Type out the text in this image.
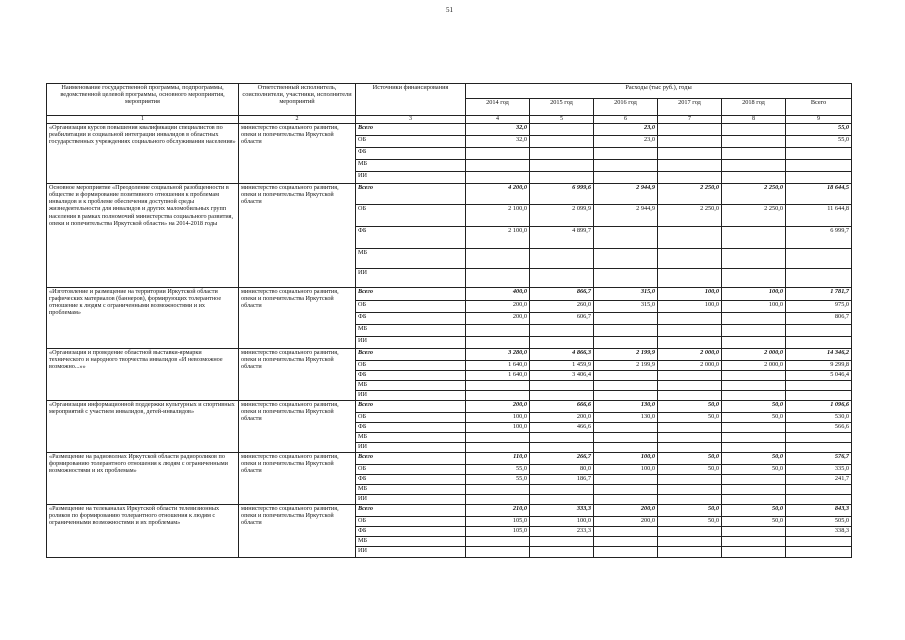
51
Наименование государственной программы, подпрограммы, ведомственной целевой программы, основного мероприятия, мероприятия	Ответственный исполнитель, соисполнители, участники, исполнители мероприятий	Источники финансирования	Расходы (тыс руб.), годы					
			2014 год	2015 год	2016 год	2017 год	2018 год	Всего
1	2	3	4	5	6	7	8	9
«Организация курсов повышения квалификации специалистов по реабилитации и социальной интеграции инвалидов в областных государственных учреждениях социального обслуживания населения»	министерство социального развития, опеки и попечительства Иркутской области	Всего	32,0		23,0			55,0
		ОБ	32,0		23,0			55,0
		ФБ						
		МБ						
		ИИ						
Основное мероприятие «Преодоление социальной разобщенности в обществе и формирование позитивного отношения к проблемам инвалидов и к проблеме обеспечения доступной среды жизнедеятельности для инвалидов и других маломобильных групп населения в рамках полномочий министерства социального развития, опеки и попечительства Иркутской области» на 2014-2018 годы	министерство социального развития, опеки и попечительства Иркутской области	Всего	4 200,0	6 999,6	2 944,9	2 250,0	2 250,0	18 644,5
		ОБ	2 100,0	2 099,9	2 944,9	2 250,0	2 250,0	11 644,8
		ФБ	2 100,0	4 899,7				6 999,7
		МБ						
		ИИ						
«Изготовление и размещение на территории Иркутской области графических материалов (баннеров), формирующих толерантное отношение к людям с ограниченными возможностями и их проблемам»	министерство социального развития, опеки и попечительства Иркутской области	Всего	400,0	866,7	315,0	100,0	100,0	1 781,7
		ОБ	200,0	260,0	315,0	100,0	100,0	975,0
		ФБ	200,0	606,7				806,7
		МБ						
		ИИ						
«Организация и проведение областной выставки-ярмарки технического и народного творчества инвалидов «И невозможное возможно...»»	министерство социального развития, опеки и попечительства Иркутской области	Всего	3 280,0	4 866,3	2 199,9	2 000,0	2 000,0	14 346,2
		ОБ	1 640,0	1 459,9	2 199,9	2 000,0	2 000,0	9 299,8
		ФБ	1 640,0	3 406,4				5 046,4
		МБ						
		ИИ						
«Организация информационной поддержки культурных и спортивных мероприятий с участием инвалидов, детей-инвалидов»	министерство социального развития, опеки и попечительства Иркутской области	Всего	200,0	666,6	130,0	50,0	50,0	1 096,6
		ОБ	100,0	200,0	130,0	50,0	50,0	530,0
		ФБ	100,0	466,6				566,6
		МБ						
		ИИ						
«Размещение на радиоволнах Иркутской области радиороликов по формированию толерантного отношения к людям с ограниченными возможностями и их проблемам»	министерство социального развития, опеки и попечительства Иркутской области	Всего	110,0	266,7	100,0	50,0	50,0	576,7
		ОБ	55,0	80,0	100,0	50,0	50,0	335,0
		ФБ	55,0	186,7				241,7
		МБ						
		ИИ						
«Размещение на телеканалах Иркутской области телевизионных роликов по формированию толерантного отношения к людям с ограниченными возможностями и их проблемам»	министерство социального развития, опеки и попечительства Иркутской области	Всего	210,0	333,3	200,0	50,0	50,0	843,3
		ОБ	105,0	100,0	200,0	50,0	50,0	505,0
		ФБ	105,0	233,3				338,3
		МБ						
		ИИ						
